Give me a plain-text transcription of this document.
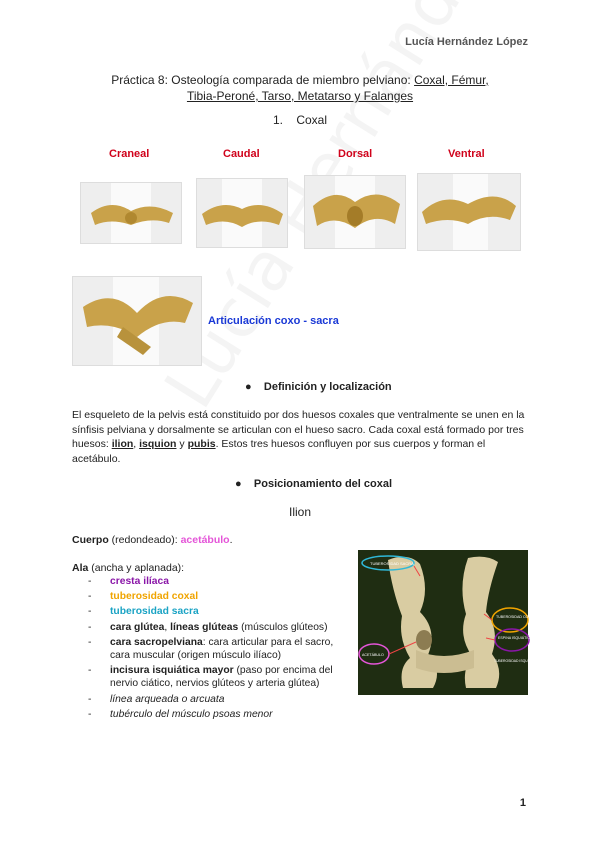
Lucía Hernández López
Práctica 8: Osteología comparada de miembro pelviano: Coxal, Fémur,
Tibia-Peroné, Tarso, Metatarso y Falanges
1. Coxal
Craneal	Caudal	Dorsal	Ventral
Articulación coxo - sacra
● Definición y localización
El esqueleto de la pelvis está constituido por dos huesos coxales que ventralmente se unen en la sínfisis pelviana y dorsalmente se articulan con el hueso sacro. Cada coxal está formado por tres huesos: ilion, isquion y pubis. Estos tres huesos confluyen por sus cuerpos y forman el acetábulo.
● Posicionamiento del coxal
Ilion
Cuerpo (redondeado): acetábulo.
Ala (ancha y aplanada):
- cresta ilíaca
- tuberosidad coxal
- tuberosidad sacra
- cara glútea, líneas glúteas (músculos glúteos)
- cara sacropelviana: cara articular para el sacro, cara muscular (origen músculo ilíaco)
- incisura isquiática mayor (paso por encima del nervio ciático, nervios glúteos y arteria glútea)
- línea arqueada o arcuata
- tubérculo del músculo psoas menor
TUBEROSIDAD SACRA
TUBEROSIDAD COXAL
ESPINA ISQUIÁTICA
ACETÁBULO
TUBEROSIDAD ISQUIÁTICA
1
